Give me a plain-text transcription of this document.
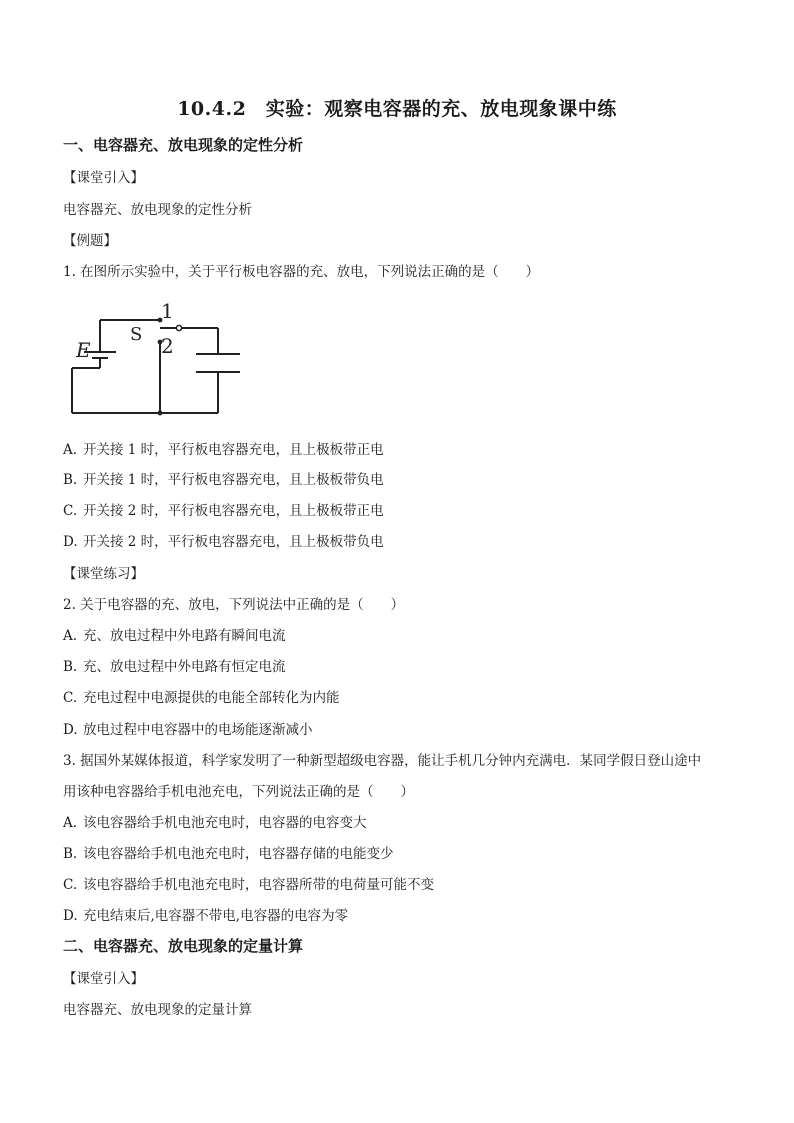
10.4.2　实验：观察电容器的充、放电现象课中练
一、电容器充、放电现象的定性分析
【课堂引入】
电容器充、放电现象的定性分析
【例题】
1. 在图所示实验中，关于平行板电容器的充、放电，下列说法正确的是（　　）
1
2
S
E
A. 开关接 1 时，平行板电容器充电，且上极板带正电
B. 开关接 1 时，平行板电容器充电，且上极板带负电
C. 开关接 2 时，平行板电容器充电，且上极板带正电
D. 开关接 2 时，平行板电容器充电，且上极板带负电
【课堂练习】
2. 关于电容器的充、放电，下列说法中正确的是（　　）
A. 充、放电过程中外电路有瞬间电流
B. 充、放电过程中外电路有恒定电流
C. 充电过程中电源提供的电能全部转化为内能
D. 放电过程中电容器中的电场能逐渐减小
3. 据国外某媒体报道，科学家发明了一种新型超级电容器，能让手机几分钟内充满电．某同学假日登山途中
用该种电容器给手机电池充电，下列说法正确的是（　　）
A. 该电容器给手机电池充电时，电容器的电容变大
B. 该电容器给手机电池充电时，电容器存储的电能变少
C. 该电容器给手机电池充电时，电容器所带的电荷量可能不变
D. 充电结束后,电容器不带电,电容器的电容为零
二、电容器充、放电现象的定量计算
【课堂引入】
电容器充、放电现象的定量计算
